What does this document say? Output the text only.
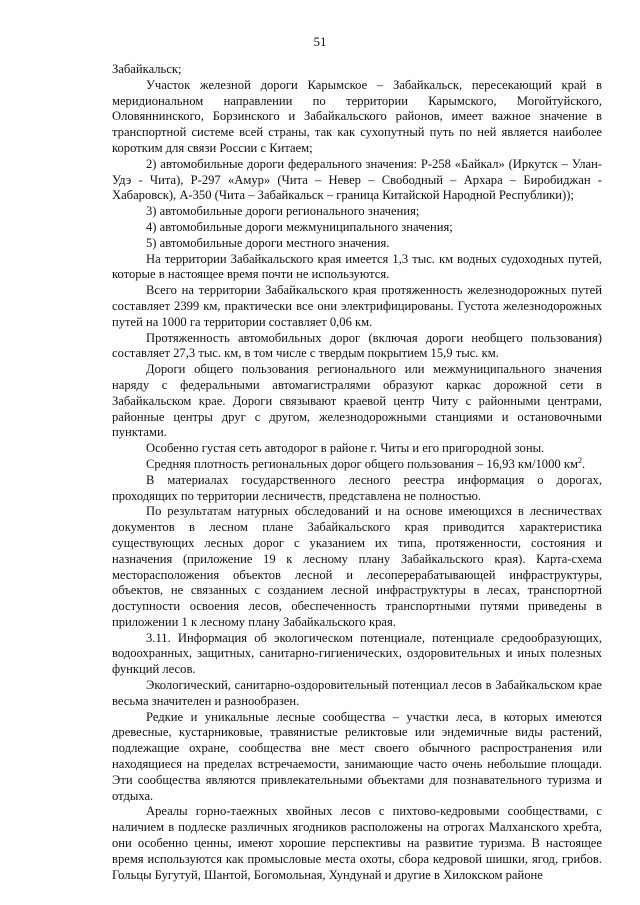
51

Забайкальск;

Участок железной дороги Карымское – Забайкальск, пересекающий край в меридиональном направлении по территории Карымского, Могойтуйского, Оловяннинского, Борзинского и Забайкальского районов, имеет важное значение в транспортной системе всей страны, так как сухопутный путь по ней является наиболее коротким для связи России с Китаем;

2) автомобильные дороги федерального значения: Р-258 «Байкал» (Иркутск – Улан-Удэ - Чита), Р-297 «Амур» (Чита – Невер – Свободный – Архара – Биробиджан - Хабаровск), А-350 (Чита – Забайкальск – граница Китайской Народной Республики));

3) автомобильные дороги регионального значения;

4) автомобильные дороги межмуниципального значения;

5) автомобильные дороги местного значения.

На территории Забайкальского края имеется 1,3 тыс. км водных судоходных путей, которые в настоящее время почти не используются.

Всего на территории Забайкальского края протяженность железнодорожных путей составляет 2399 км, практически все они электрифицированы. Густота железнодорожных путей на 1000 га территории составляет 0,06 км.

Протяженность автомобильных дорог (включая дороги необщего пользования) составляет 27,3 тыс. км, в том числе с твердым покрытием 15,9 тыс. км.

Дороги общего пользования регионального или межмуниципального значения наряду с федеральными автомагистралями образуют каркас дорожной сети в Забайкальском крае. Дороги связывают краевой центр Читу с районными центрами, районные центры друг с другом, железнодорожными станциями и остановочными пунктами.

Особенно густая сеть автодорог в районе г. Читы и его пригородной зоны.

Средняя плотность региональных дорог общего пользования – 16,93 км/1000 $км^2$.

В материалах государственного лесного реестра информация о дорогах, проходящих по территории лесничеств, представлена не полностью.

По результатам натурных обследований и на основе имеющихся в лесничествах документов в лесном плане Забайкальского края приводится характеристика существующих лесных дорог с указанием их типа, протяженности, состояния и назначения (приложение 19 к лесному плану Забайкальского края). Карта-схема месторасположения объектов лесной и лесоперерабатывающей инфраструктуры, объектов, не связанных с созданием лесной инфраструктуры в лесах, транспортной доступности освоения лесов, обеспеченность транспортными путями приведены в приложении 1 к лесному плану Забайкальского края.

3.11. Информация об экологическом потенциале, потенциале средообразующих, водоохранных, защитных, санитарно-гигиенических, оздоровительных и иных полезных функций лесов.

Экологический, санитарно-оздоровительный потенциал лесов в Забайкальском крае весьма значителен и разнообразен.

Редкие и уникальные лесные сообщества – участки леса, в которых имеются древесные, кустарниковые, травянистые реликтовые или эндемичные виды растений, подлежащие охране, сообщества вне мест своего обычного распространения или находящиеся на пределах встречаемости, занимающие часто очень небольшие площади. Эти сообщества являются привлекательными объектами для познавательного туризма и отдыха.

Ареалы горно-таежных хвойных лесов с пихтово-кедровыми сообществами, с наличием в подлеске различных ягодников расположены на отрогах Малханского хребта, они особенно ценны, имеют хорошие перспективы на развитие туризма. В настоящее время используются как промысловые места охоты, сбора кедровой шишки, ягод, грибов. Гольцы Бугутуй, Шантой, Богомольная, Хундунай и другие в Хилокском районе
